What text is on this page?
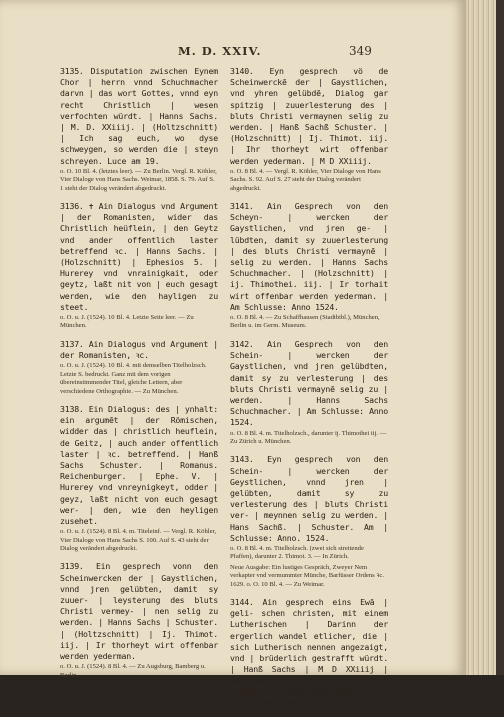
M. D. XXIV.	349

3135. Disputation zwischen Eynem Chor | herrn vnnd Schuchmacher darvn | das wort Gottes, vnnd eyn recht Christlich | wesen verfochten würdt. | Hanns Sachs. | M. D. XXiiij. | (Holtzschnitt) | Ich sag euch, wo dyse schweygen, so werden die | steyn schreyen. Luce am 19.

o. O. 10 Bl. 4. (letztes leer). — Zu Berlin. Vergl. R. Köhler, Vier Dialoge von Hans Sachs. Weimar, 1858. S. 79. Auf S. 1 steht der Dialog verändert abgedruckt.

3136. ✝ Ain Dialogus vnd Argument | der Romanisten, wider das Christlich heüflein, | den Geytz vnd ander offentlich laster betreffend ꝛc. | Hanns Sachs. | (Holzschnitt) | Ephesios 5. | Hurerey vnd vnrainigkait, oder geytz, laßt nit von | euch gesagt werden, wie den hayligen zu steet.

o. O. u. J. (1524). 10 Bl. 4. Letzte Seite leer. — Zu München.

3137. Ain Dialogus vnd Argument | der Romanisten, ꝛc.

o. O. u. J. (1524). 10 Bl. 4. mit demselben Titelholzsch. Letzte S. bedruckt. Ganz mit dem vorigen übereinstimmender Titel, gleiche Lettern, aber verschiedene Orthographie. — Zu München.

3138. Ein Dialogus: des | ynhalt: ein argumēt | der Römischen, widder das | christlich heuflein, de Geitz, | auch ander offentlich laster | ꝛc. betreffend. | Hanß Sachs Schuster. | Romanus. Reichenburger. | Ephe. V. | Hurerey vnd vnreynigkeyt, odder | geyz, laßt nicht von euch gesagt wer- | den, wie den heyligen zusehet.

o. O. u. J. (1524). 8 Bl. 4. m. Titeleinf. — Vergl. R. Köhler, Vier Dialoge von Hans Sachs S. 100. Auf S. 43 steht der Dialog verändert abgedruckt.

3139. Ein gesprech vonn den Scheinwercken der | Gaystlichen, vnnd jren gelübten, damit sy zuuer- | leysterung des bluts Christi vermey- | nen selig zu werden. | Hanns Sachs | Schuster. | (Holtzschnitt) | Ij. Thimot. iij. | Ir thorheyt wirt offenbar werden yederman.

o. O. u. J. (1524). 8 Bl. 4. — Zu Augsburg, Bamberg u. Berlin.

3140. Eyn gesprech vö de Scheinwerckē der | Gaystlichen, vnd yhren gelübdē, Dialog gar spitzig | zuuerlesterung des | bluts Christi vermaynen selig zu werden. | Hanß Sachß Schuster. | (Holzschnitt) | Ij. Thimot. iij. | Ihr thorheyt wirt offenbar werden yederman. | M D XXiiij.

o. O. 8 Bl. 4. — Vergl. R. Köhler, Vier Dialoge von Hans Sachs. S. 92. Auf S. 27 steht der Dialog verändert abgedruckt.

3141. Ain Gesprech von den Scheyn- | wercken der Gaystlichen, vnd jren ge- | lübdten, damit sy zuuerlesterung | des bluts Christi vermaynē | selig zu werden. | Hanns Sachs Schuchmacher. | (Holzschnitt) | ij. Thimothei. iij. | Ir torhait wirt offenbar werden yederman. | Am Schlusse: Anno 1524.

o. O. 8 Bl. 4. — Zu Schaffhausen (Stadtbibl.), München, Berlin u. im Germ. Museum.

3142. Ain Gesprech von den Schein- | wercken der Gaystlichen, vnd jren gelübdten, damit sy zu verlesterung | des bluts Christi vermaynē selig zu | werden. | Hanns Sachs Schuchmacher. | Am Schlusse: Anno 1524.

o. O. 8 Bl. 4. m. Titelholzsch., darunter ij. Thimothei iij. — Zu Zürich u. München.

3143. Eyn gesprech von den Schein- | wercken der Geystlichen, vnnd jren | gelübten, damit sy zu verlesterung des | bluts Christi ver- | meynnen selig zu werden. | Hans Sachß. | Schuster. Am | Schlusse: Anno. 1524.

o. O. 8 Bl. 4. m. Titelholzsch. (zwei sich streitende Pfaffen), darunter 2. Thimot. 3. — In Zürich.

Neue Ausgabe: Ein lustiges Gespräch, Zweyer Nem verkapter vnd vermummter Münche, Barfüsser Ordens ꝛc. 1629. o. O. 10 Bl. 4. — Zu Weimar.

3144. Ain gesprech eins Ewā | geli- schen christen, mit einem Lutherischen | Darinn der ergerlich wandel etlicher, die | sich Lutherisch nennen angezaigt, vnd | brüderlich gestrafft würdt. | Hanß Sachs | M D XXiiij | Secunda Corinth. vi. | Laßt vnns niemandt | ergernuß geben, auff das vnnser ampt
